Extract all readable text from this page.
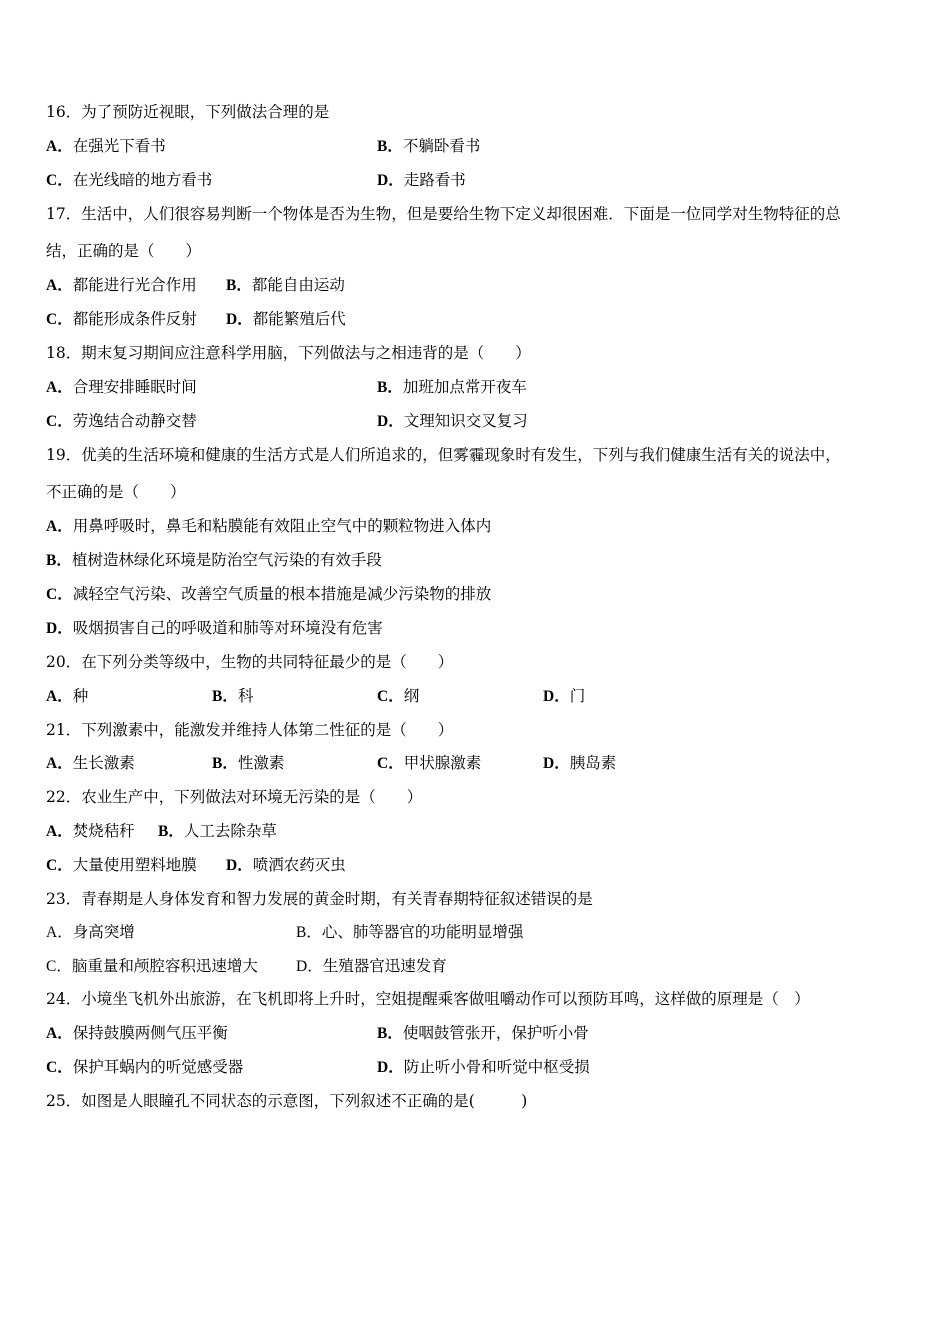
16．为了预防近视眼，下列做法合理的是
A．在强光下看书	B．不躺卧看书
C．在光线暗的地方看书	D．走路看书
17．生活中，人们很容易判断一个物体是否为生物，但是要给生物下定义却很困难．下面是一位同学对生物特征的总
结，正确的是（　　）
A．都能进行光合作用 B．都能自由运动
C．都能形成条件反射 D．都能繁殖后代
18．期末复习期间应注意科学用脑，下列做法与之相违背的是（　　）
A．合理安排睡眠时间	B．加班加点常开夜车
C．劳逸结合动静交替	D．文理知识交叉复习
19．优美的生活环境和健康的生活方式是人们所追求的，但雾霾现象时有发生，下列与我们健康生活有关的说法中，
不正确的是（　　）
A．用鼻呼吸时，鼻毛和粘膜能有效阻止空气中的颗粒物进入体内
B．植树造林绿化环境是防治空气污染的有效手段
C．减轻空气污染、改善空气质量的根本措施是减少污染物的排放
D．吸烟损害自己的呼吸道和肺等对环境没有危害
20．在下列分类等级中，生物的共同特征最少的是（　　）
A．种	B．科	C．纲	D．门
21．下列激素中，能激发并维持人体第二性征的是（　　）
A．生长激素	B．性激素	C．甲状腺激素	D．胰岛素
22．农业生产中，下列做法对环境无污染的是（　　）
A．焚烧秸秆 B．人工去除杂草
C．大量使用塑料地膜 D．喷洒农药灭虫
23．青春期是人身体发育和智力发展的黄金时期，有关青春期特征叙述错误的是
A．身高突增	B．心、肺等器官的功能明显增强
C．脑重量和颅腔容积迅速增大 D．生殖器官迅速发育
24．小境坐飞机外出旅游，在飞机即将上升时，空姐提醒乘客做咀嚼动作可以预防耳鸣，这样做的原理是（　）
A．保持鼓膜两侧气压平衡	B．使咽鼓管张开，保护听小骨
C．保护耳蜗内的听觉感受器	D．防止听小骨和听觉中枢受损
25．如图是人眼瞳孔不同状态的示意图，下列叙述不正确的是(　　　)
